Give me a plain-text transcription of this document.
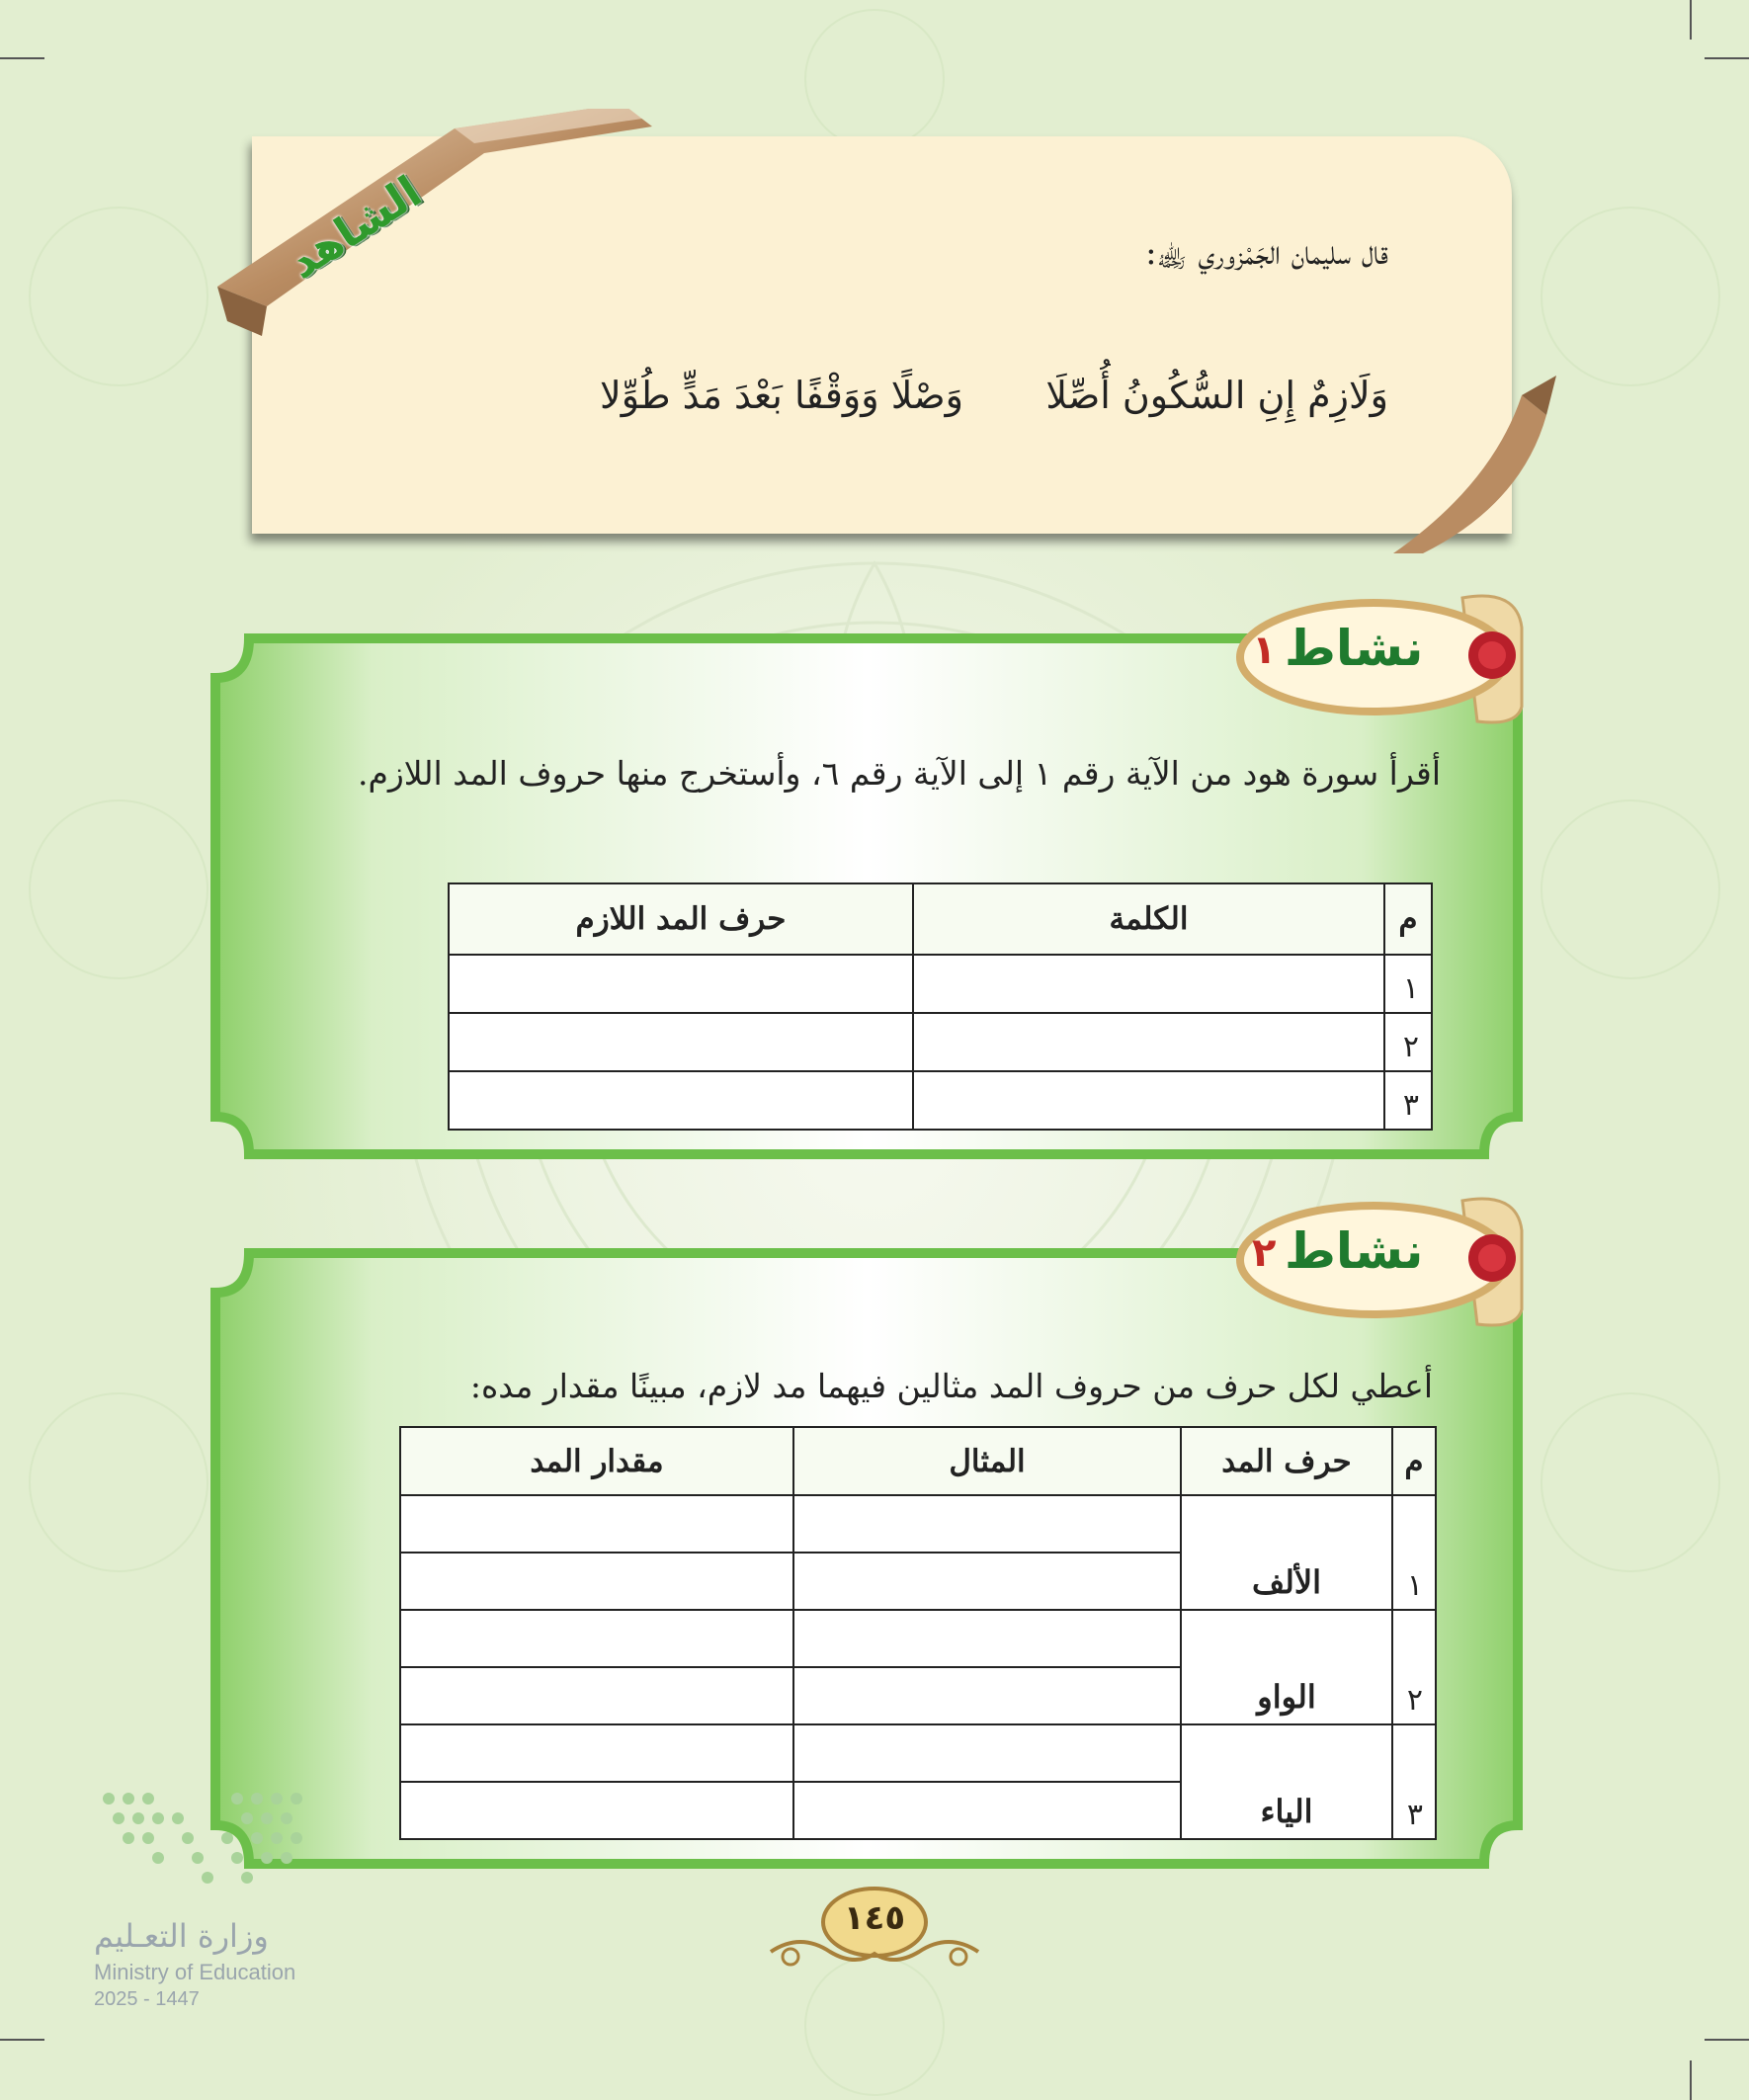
الشاهد	قال سليمان الجَمْزوري ﵀:
وَلَازِمٌ إِنِ السُّكُونُ أُصِّلَا
وَصْلًا وَوَقْفًا بَعْدَ مَدٍّ طُوِّلا
نشاط
١
أقرأ سورة هود من الآية رقم ١ إلى الآية رقم ٦، وأستخرج منها حروف المد اللازم.
م	الكلمة	حرف المد اللازم
١		
٢		
٣		
نشاط
٢
أعطي لكل حرف من حروف المد مثالين فيهما مد لازم، مبينًا مقدار مده:
م	حرف المد	المثال	مقدار المد
١	الألف		

٢	الواو		

٣	الياء		

١٤٥
وزارة التعـليم
Ministry of Education
2025 - 1447
